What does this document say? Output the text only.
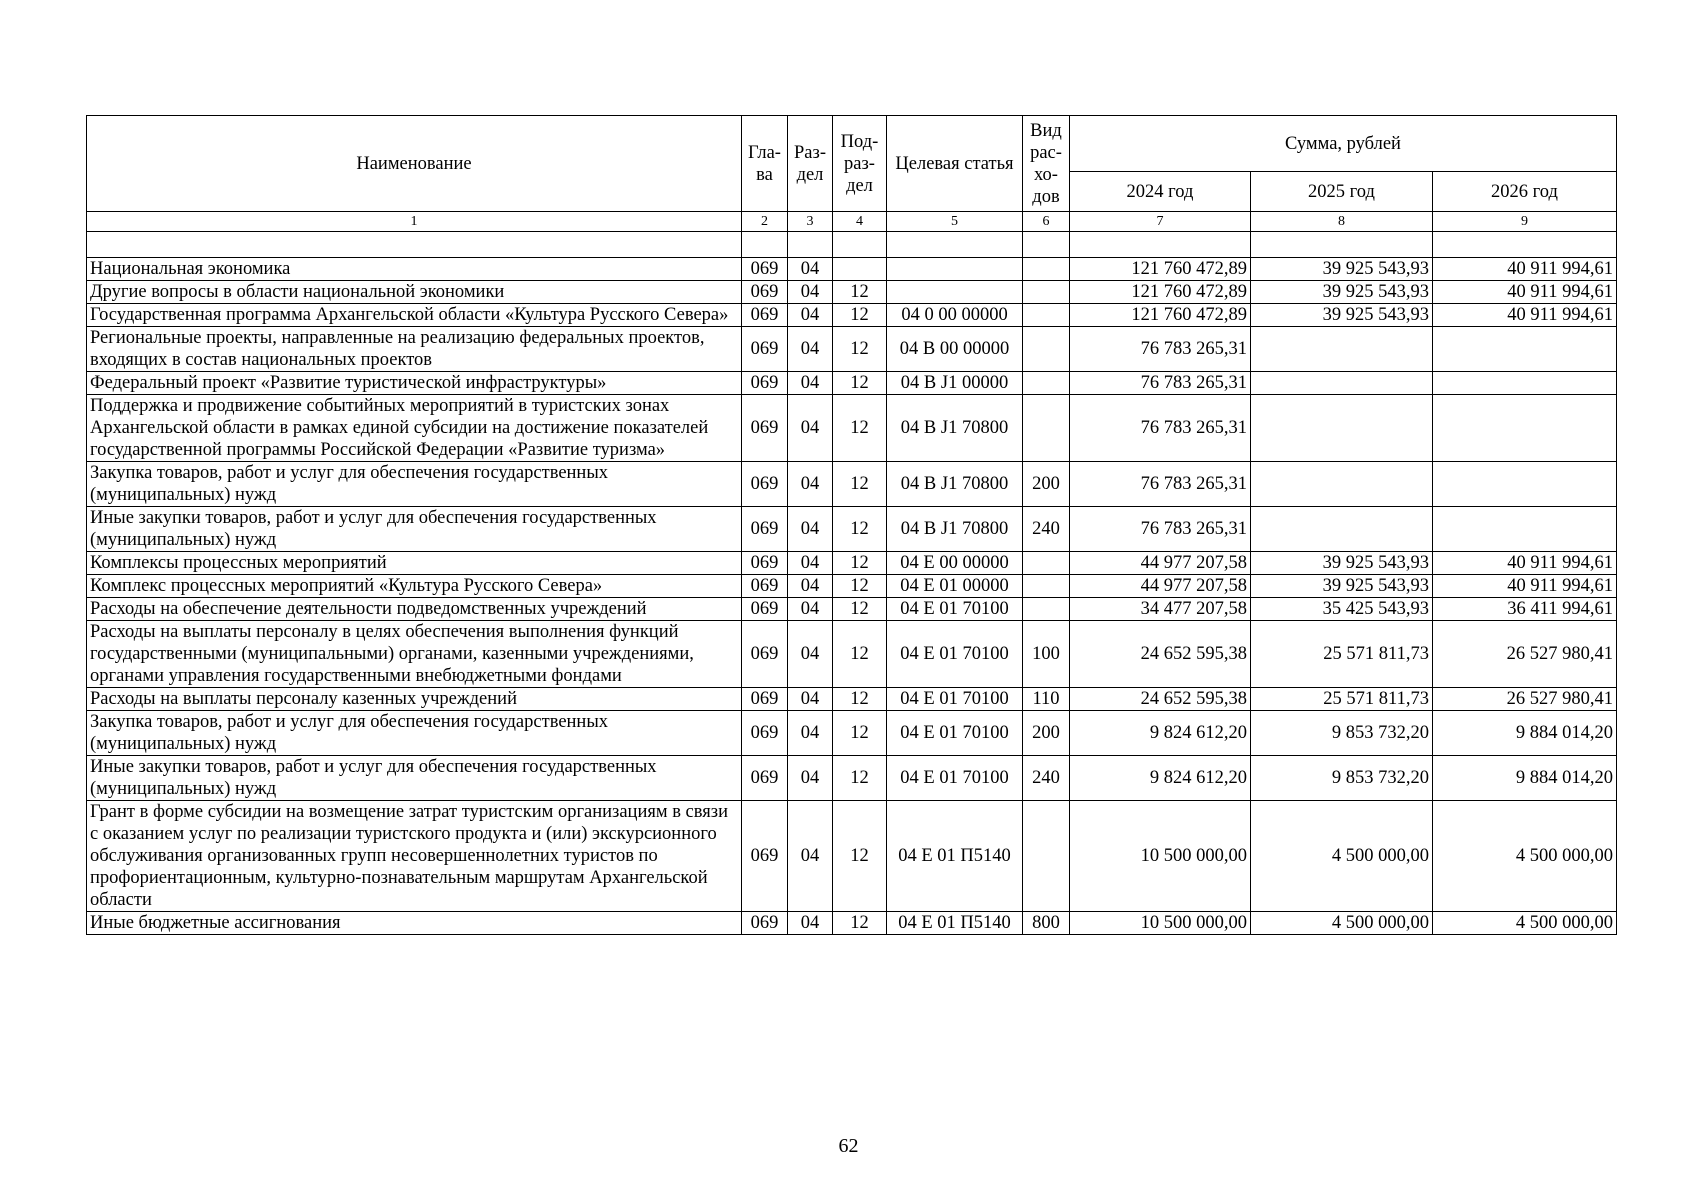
Наименование	Гла-ва	Раз-дел	Под-раз-дел	Целевая статья	Вид рас-хо-дов	Сумма, рублей		
						2024 год	2025 год	2026 год
1	2	3	4	5	6	7	8	9

Национальная экономика	069	04				121 760 472,89	39 925 543,93	40 911 994,61
Другие вопросы в области национальной экономики	069	04	12			121 760 472,89	39 925 543,93	40 911 994,61
Государственная программа Архангельской области «Культура Русского Севера»	069	04	12	04 0 00 00000		121 760 472,89	39 925 543,93	40 911 994,61
Региональные проекты, направленные на реализацию федеральных проектов, входящих в состав национальных проектов	069	04	12	04 В 00 00000		76 783 265,31		
Федеральный проект «Развитие туристической инфраструктуры»	069	04	12	04 В J1 00000		76 783 265,31		
Поддержка и продвижение событийных мероприятий в туристских зонах Архангельской области в рамках единой субсидии на достижение показателей государственной программы Российской Федерации «Развитие туризма»	069	04	12	04 В J1 70800		76 783 265,31		
Закупка товаров, работ и услуг для обеспечения государственных (муниципальных) нужд	069	04	12	04 В J1 70800	200	76 783 265,31		
Иные закупки товаров, работ и услуг для обеспечения государственных (муниципальных) нужд	069	04	12	04 В J1 70800	240	76 783 265,31		
Комплексы процессных мероприятий	069	04	12	04 Е 00 00000		44 977 207,58	39 925 543,93	40 911 994,61
Комплекс процессных мероприятий «Культура Русского Севера»	069	04	12	04 Е 01 00000		44 977 207,58	39 925 543,93	40 911 994,61
Расходы на обеспечение деятельности подведомственных учреждений	069	04	12	04 Е 01 70100		34 477 207,58	35 425 543,93	36 411 994,61
Расходы на выплаты персоналу в целях обеспечения выполнения функций государственными (муниципальными) органами, казенными учреждениями, органами управления государственными внебюджетными фондами	069	04	12	04 Е 01 70100	100	24 652 595,38	25 571 811,73	26 527 980,41
Расходы на выплаты персоналу казенных учреждений	069	04	12	04 Е 01 70100	110	24 652 595,38	25 571 811,73	26 527 980,41
Закупка товаров, работ и услуг для обеспечения государственных (муниципальных) нужд	069	04	12	04 Е 01 70100	200	9 824 612,20	9 853 732,20	9 884 014,20
Иные закупки товаров, работ и услуг для обеспечения государственных (муниципальных) нужд	069	04	12	04 Е 01 70100	240	9 824 612,20	9 853 732,20	9 884 014,20
Грант в форме субсидии на возмещение затрат туристским организациям в связи с оказанием услуг по реализации туристского продукта и (или) экскурсионного обслуживания организованных групп несовершеннолетних туристов по профориентационным, культурно-познавательным маршрутам Архангельской области	069	04	12	04 Е 01 П5140		10 500 000,00	4 500 000,00	4 500 000,00
Иные бюджетные ассигнования	069	04	12	04 Е 01 П5140	800	10 500 000,00	4 500 000,00	4 500 000,00
62
